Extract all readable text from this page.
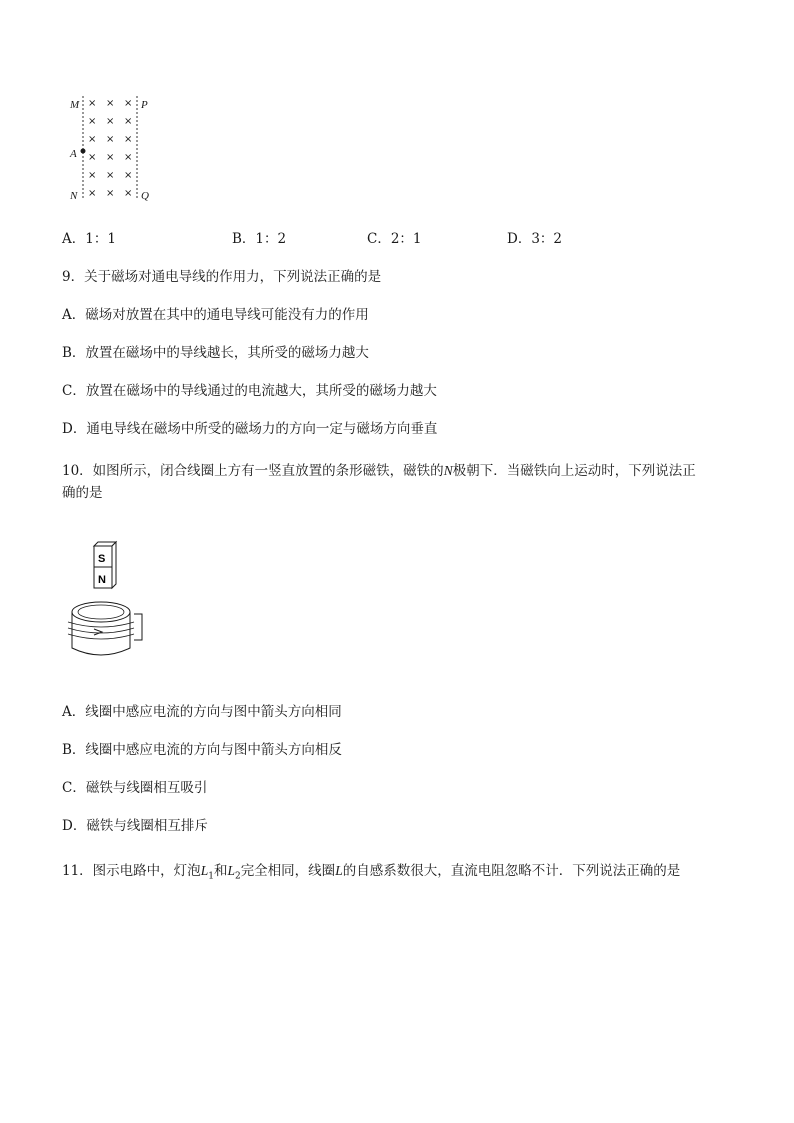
M	P
A
N	Q
× × ×
× × ×
× × ×
× × ×
× × ×
× × ×
A．1：1	B．1：2	C．2：1	D．3：2
9．关于磁场对通电导线的作用力，下列说法正确的是
A．磁场对放置在其中的通电导线可能没有力的作用
B．放置在磁场中的导线越长，其所受的磁场力越大
C．放置在磁场中的导线通过的电流越大，其所受的磁场力越大
D．通电导线在磁场中所受的磁场力的方向一定与磁场方向垂直
10．如图所示，闭合线圈上方有一竖直放置的条形磁铁，磁铁的N极朝下．当磁铁向上运动时，下列说法正
确的是
S
N
A．线圈中感应电流的方向与图中箭头方向相同
B．线圈中感应电流的方向与图中箭头方向相反
C．磁铁与线圈相互吸引
D．磁铁与线圈相互排斥
11．图示电路中，灯泡$L_1$和$L_2$完全相同，线圈L的自感系数很大，直流电阻忽略不计．下列说法正确的是
